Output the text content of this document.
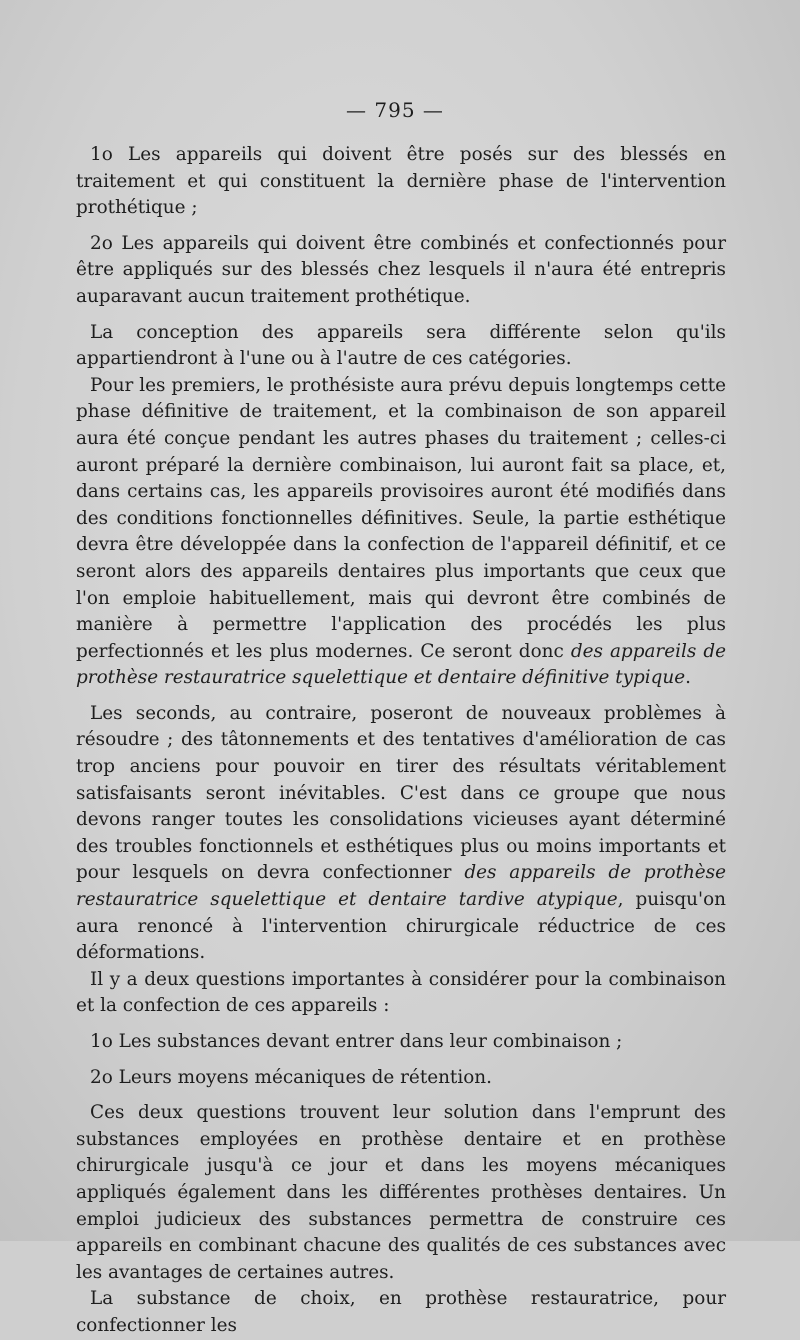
— 795 —

1o Les appareils qui doivent être posés sur des blessés en traitement et qui constituent la dernière phase de l'intervention prothétique ;

2o Les appareils qui doivent être combinés et confectionnés pour être appliqués sur des blessés chez lesquels il n'aura été entrepris auparavant aucun traitement prothétique.

La conception des appareils sera différente selon qu'ils appartiendront à l'une ou à l'autre de ces catégories.

Pour les premiers, le prothésiste aura prévu depuis longtemps cette phase définitive de traitement, et la combinaison de son appareil aura été conçue pendant les autres phases du traitement ; celles-ci auront préparé la dernière combinaison, lui auront fait sa place, et, dans certains cas, les appareils provisoires auront été modifiés dans des conditions fonctionnelles définitives. Seule, la partie esthétique devra être développée dans la confection de l'appareil définitif, et ce seront alors des appareils dentaires plus importants que ceux que l'on emploie habituellement, mais qui devront être combinés de manière à permettre l'application des procédés les plus perfectionnés et les plus modernes. Ce seront donc des appareils de prothèse restauratrice squelettique et dentaire définitive typique.

Les seconds, au contraire, poseront de nouveaux problèmes à résoudre ; des tâtonnements et des tentatives d'amélioration de cas trop anciens pour pouvoir en tirer des résultats véritablement satisfaisants seront inévitables. C'est dans ce groupe que nous devons ranger toutes les consolidations vicieuses ayant déterminé des troubles fonctionnels et esthétiques plus ou moins importants et pour lesquels on devra confectionner des appareils de prothèse restauratrice squelettique et dentaire tardive atypique, puisqu'on aura renoncé à l'intervention chirurgicale réductrice de ces déformations.

Il y a deux questions importantes à considérer pour la combinaison et la confection de ces appareils :

1o Les substances devant entrer dans leur combinaison ;

2o Leurs moyens mécaniques de rétention.

Ces deux questions trouvent leur solution dans l'emprunt des substances employées en prothèse dentaire et en prothèse chirurgicale jusqu'à ce jour et dans les moyens mécaniques appliqués également dans les différentes prothèses dentaires. Un emploi judicieux des substances permettra de construire ces appareils en combinant chacune des qualités de ces substances avec les avantages de certaines autres.

La substance de choix, en prothèse restauratrice, pour confectionner les
